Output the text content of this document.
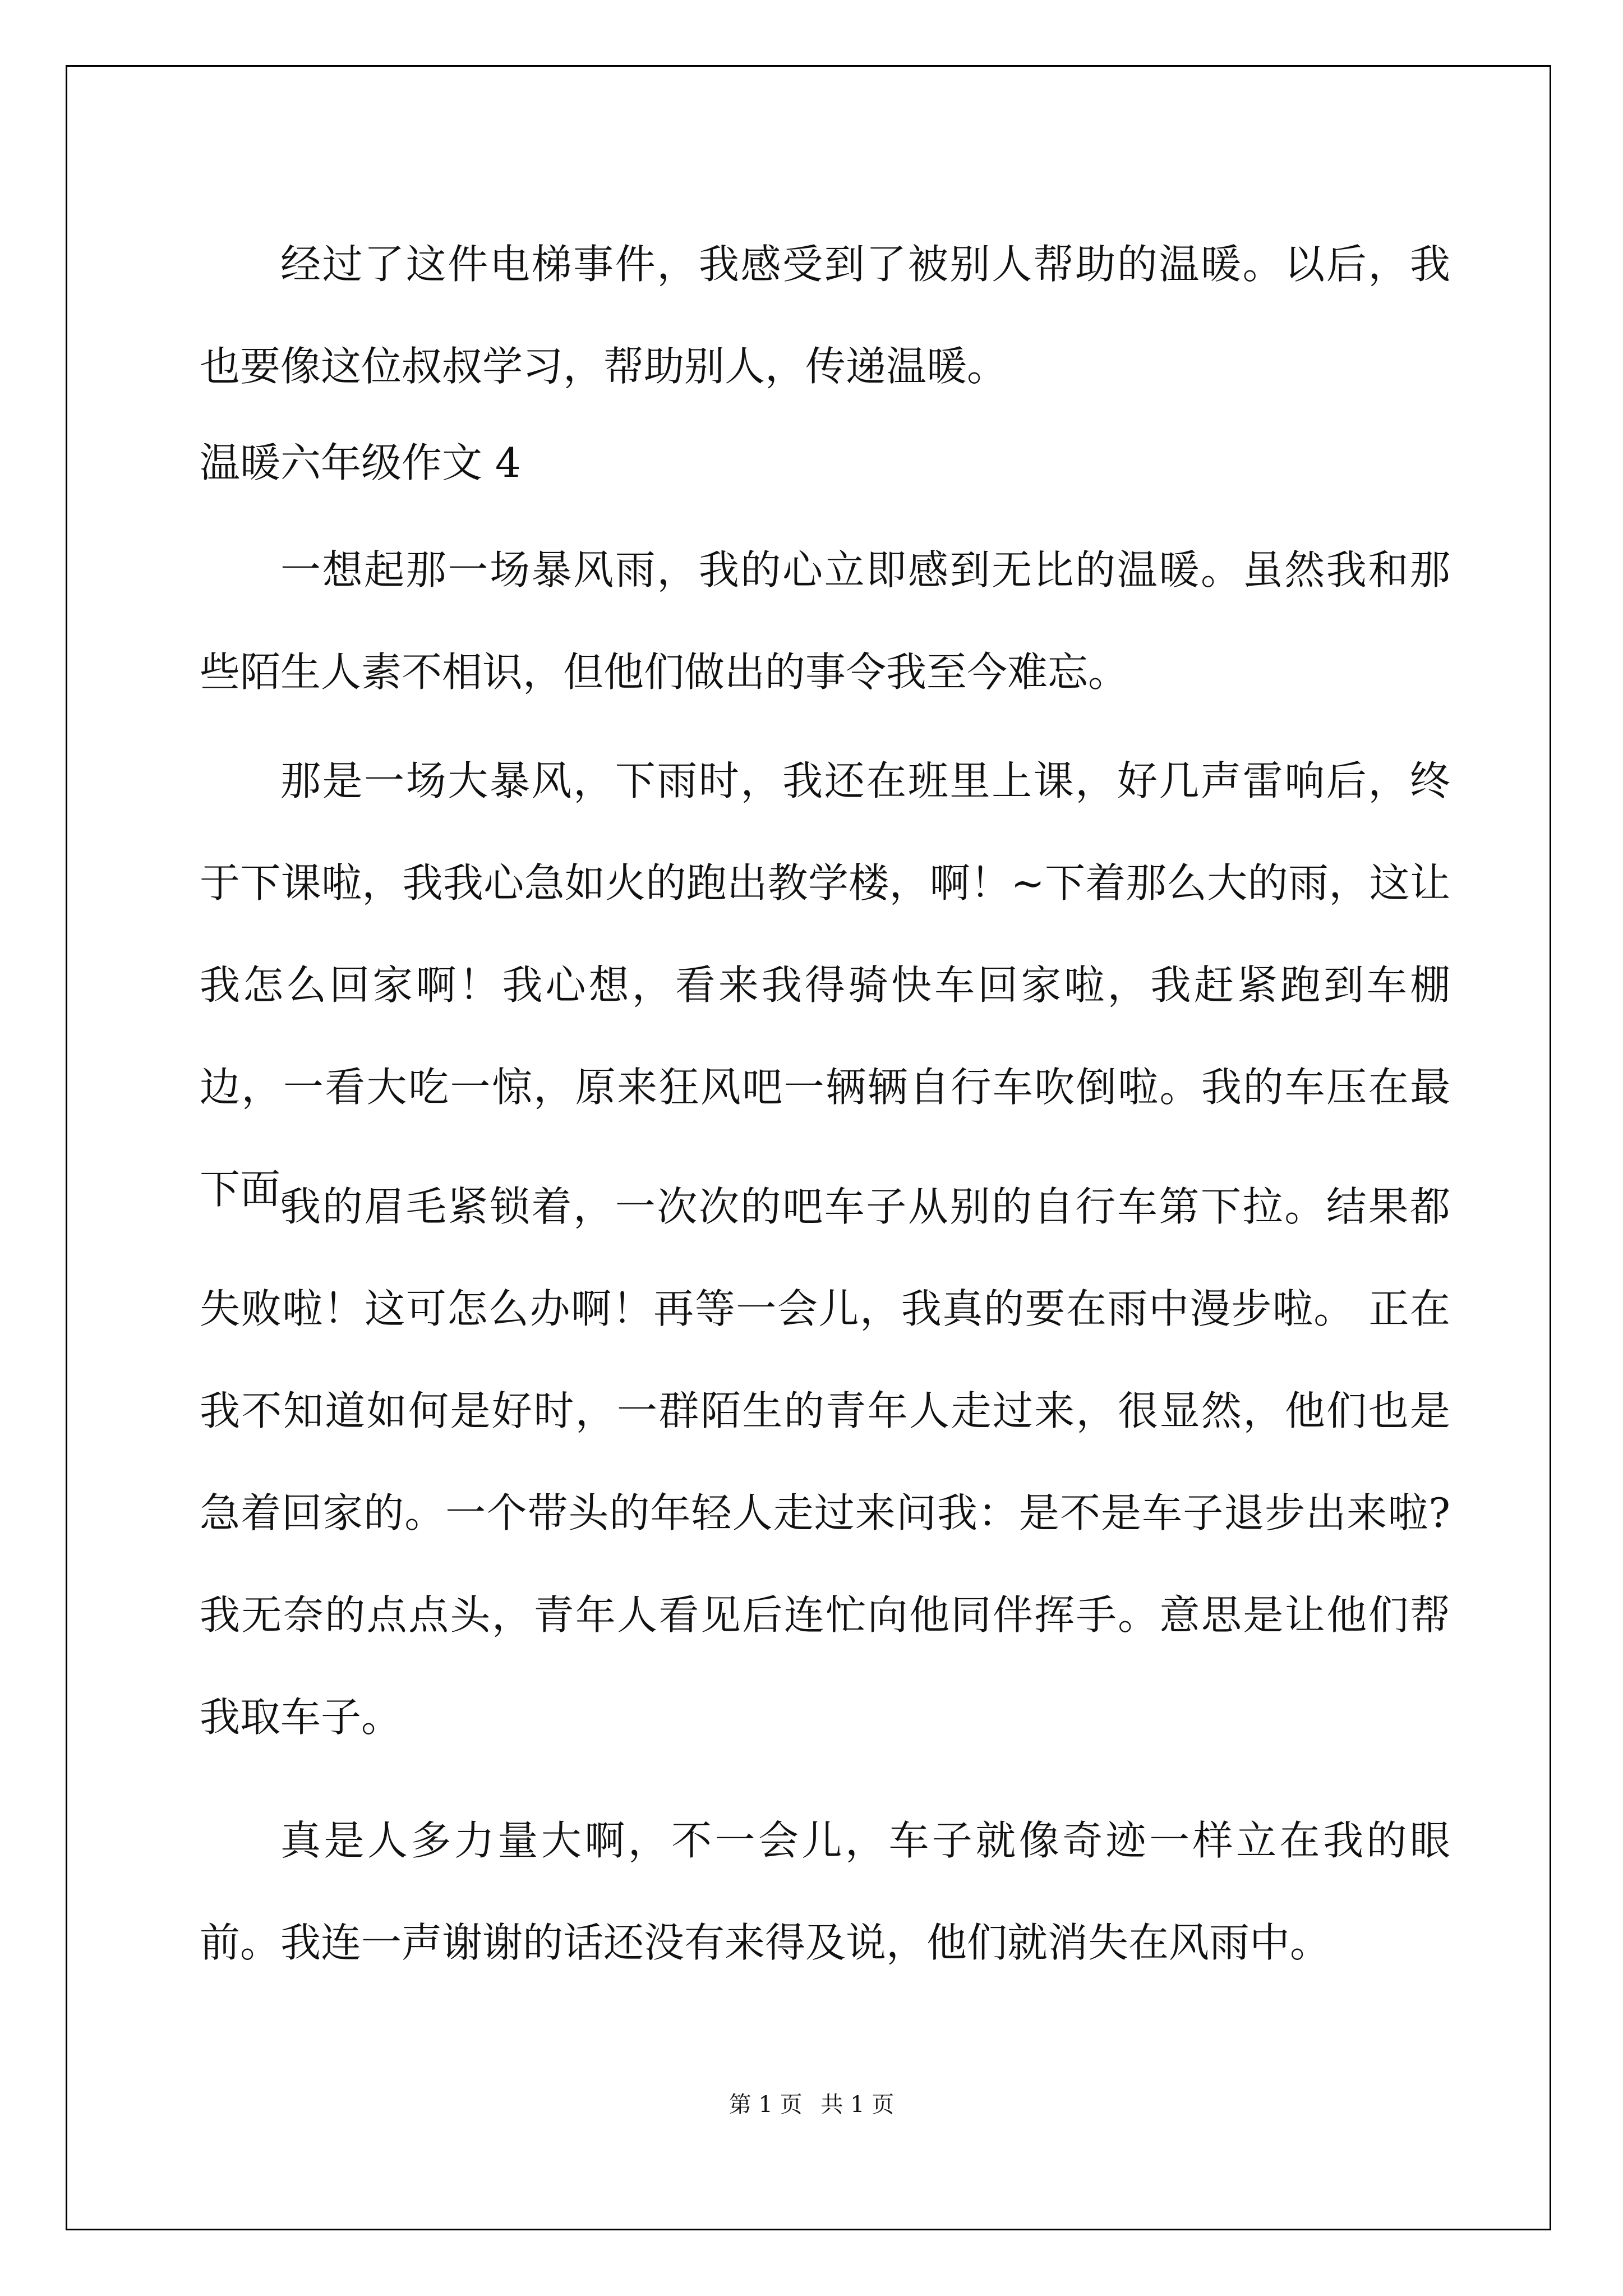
经过了这件电梯事件，我感受到了被别人帮助的温暖。以后，我也要像这位叔叔学习，帮助别人，传递温暖。

温暖六年级作文 4

一想起那一场暴风雨，我的心立即感到无比的温暖。虽然我和那些陌生人素不相识，但他们做出的事令我至今难忘。

那是一场大暴风，下雨时，我还在班里上课，好几声雷响后，终于下课啦，我我心急如火的跑出教学楼，啊！~下着那么大的雨，这让我怎么回家啊！我心想，看来我得骑快车回家啦，我赶紧跑到车棚边，一看大吃一惊，原来狂风吧一辆辆自行车吹倒啦。我的车压在最下面。

我的眉毛紧锁着，一次次的吧车子从别的自行车第下拉。结果都失败啦！这可怎么办啊！再等一会儿，我真的要在雨中漫步啦。 正在我不知道如何是好时，一群陌生的青年人走过来，很显然，他们也是急着回家的。一个带头的年轻人走过来问我：是不是车子退步出来啦?我无奈的点点头，青年人看见后连忙向他同伴挥手。意思是让他们帮我取车子。

真是人多力量大啊，不一会儿，车子就像奇迹一样立在我的眼前。我连一声谢谢的话还没有来得及说，他们就消失在风雨中。

第 1 页 共 1 页
